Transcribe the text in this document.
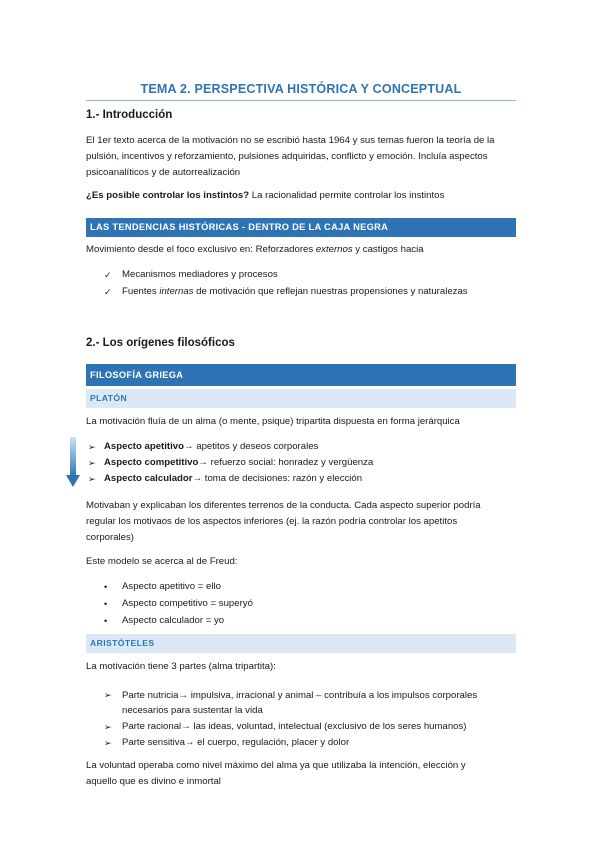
TEMA 2. PERSPECTIVA HISTÓRICA Y CONCEPTUAL
1.- Introducción
El 1er texto acerca de la motivación no se escribió hasta 1964 y sus temas fueron la teoría de la
pulsión, incentivos y reforzamiento, pulsiones adquiridas, conflicto y emoción. Incluía aspectos
psicoanalíticos y de autorrealización
¿Es posible controlar los instintos? La racionalidad permite controlar los instintos
LAS TENDENCIAS HISTÓRICAS - DENTRO DE LA CAJA NEGRA
Movimiento desde el foco exclusivo en: Reforzadores externos y castigos hacia
✓ Mecanismos mediadores y procesos
✓ Fuentes internas de motivación que reflejan nuestras propensiones y naturalezas
2.- Los orígenes filosóficos
FILOSOFÍA GRIEGA
PLATÓN
La motivación fluía de un alma (o mente, psique) tripartita dispuesta en forma jerárquica
➢ Aspecto apetitivo→ apetitos y deseos corporales
➢ Aspecto competitivo→ refuerzo social: honradez y vergüenza
➢ Aspecto calculador→ toma de decisiones: razón y elección
Motivaban y explicaban los diferentes terrenos de la conducta. Cada aspecto superior podría
regular los motivaos de los aspectos inferiores (ej. la razón podría controlar los apetitos
corporales)
Este modelo se acerca al de Freud:
• Aspecto apetitivo = ello
• Aspecto competitivo = superyó
• Aspecto calculador = yo
ARISTÓTELES
La motivación tiene 3 partes (alma tripartita):
➢ Parte nutricia→ impulsiva, irracional y animal – contribuía a los impulsos corporales
necesarios para sustentar la vida
➢ Parte racional→ las ideas, voluntad, intelectual (exclusivo de los seres humanos)
➢ Parte sensitiva→ el cuerpo, regulación, placer y dolor
La voluntad operaba como nivel máximo del alma ya que utilizaba la intención, elección y
aquello que es divino e inmortal
